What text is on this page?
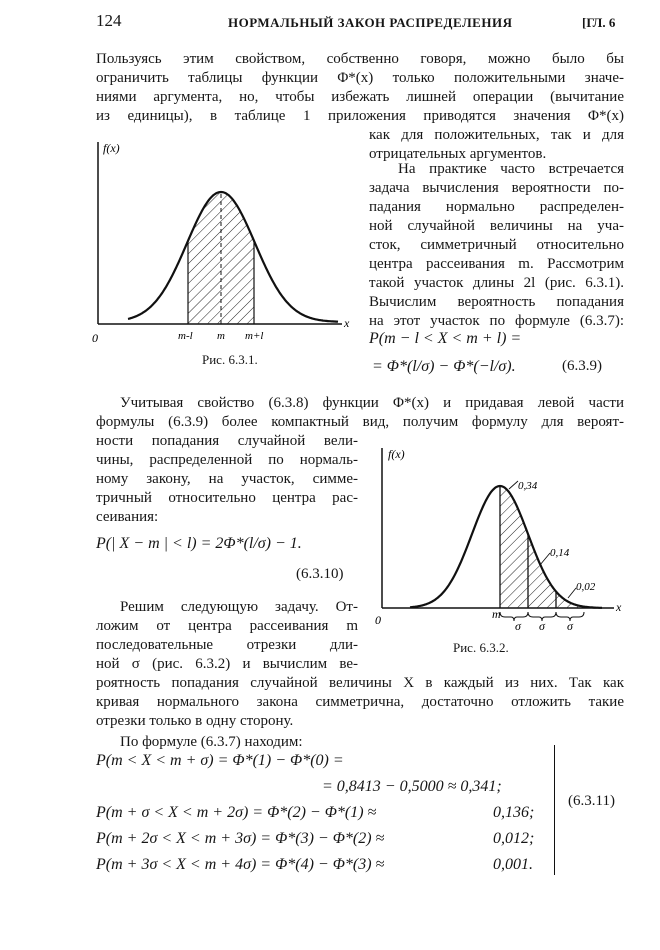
124	НОРМАЛЬНЫЙ ЗАКОН РАСПРЕДЕЛЕНИЯ	[ГЛ. 6
Пользуясь этим свойством, собственно говоря, можно было бы
ограничить таблицы функции Φ*(x) только положительными значе-
ниями аргумента, но, чтобы избежать лишней операции (вычитание
из единицы), в таблице 1 приложения приводятся значения Φ*(x)
как для положительных, так и для
отрицательных аргументов.
f(x)
x
0	m-l m m+l
Рис. 6.3.1.
На практике часто встречается
задача вычисления вероятности по-
падания нормально распределен-
ной случайной величины на уча-
сток, симметричный относительно
центра рассеивания m. Рассмотрим
такой участок длины 2l (рис. 6.3.1).
Вычислим вероятность попадания
на этот участок по формуле (6.3.7):
P(m − l < X < m + l) =
= Φ*(l/σ) − Φ*(−l/σ).	(6.3.9)
Учитывая свойство (6.3.8) функции Φ*(x) и придавая левой части
формулы (6.3.9) более компактный вид, получим формулу для вероят-
ности попадания случайной вели-
чины, распределенной по нормаль-
ному закону, на участок, симме-
тричный относительно центра рас-
сеивания:
P(| X − m | < l) = 2Φ*(l/σ) − 1.
(6.3.10)
f(x)
x
0	m
σ σ σ
0,34
0,14
0,02
Рис. 6.3.2.
Решим следующую задачу. От-
ложим от центра рассеивания m
последовательные отрезки дли-
ной σ (рис. 6.3.2) и вычислим ве-
роятность попадания случайной величины X в каждый из них. Так как
кривая нормального закона симметрична, достаточно отложить такие
отрезки только в одну сторону.
По формуле (6.3.7) находим:
P(m < X < m + σ) = Φ*(1) − Φ*(0) =
= 0,8413 − 0,5000 ≈ 0,341;
P(m + σ < X < m + 2σ) = Φ*(2) − Φ*(1) ≈	0,136;
P(m + 2σ < X < m + 3σ) = Φ*(3) − Φ*(2) ≈	0,012;
P(m + 3σ < X < m + 4σ) = Φ*(4) − Φ*(3) ≈	0,001.
(6.3.11)
